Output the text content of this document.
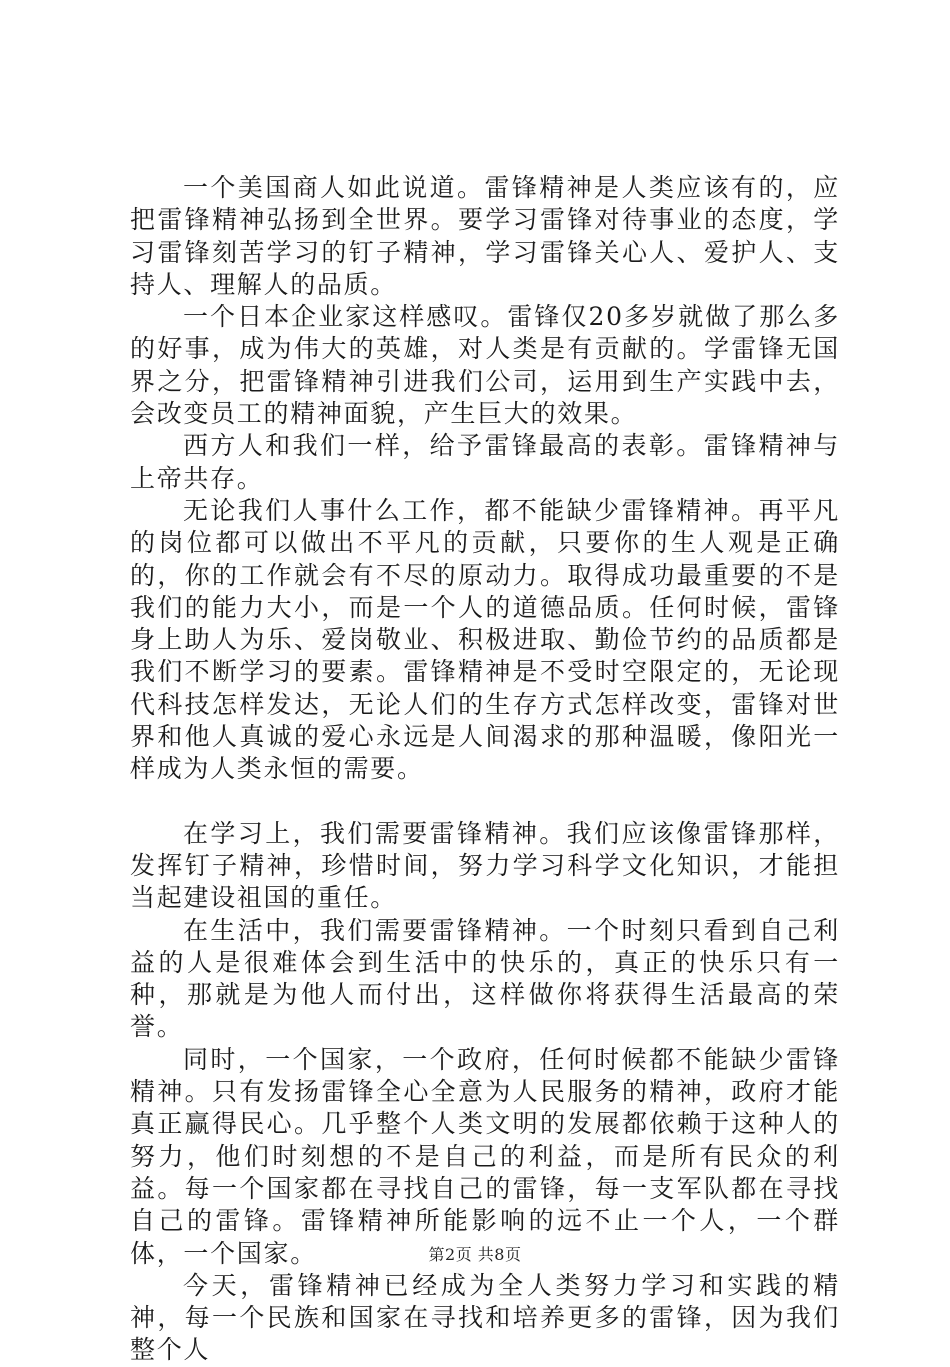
一个美国商人如此说道。雷锋精神是人类应该有的，应把雷锋精神弘扬到全世界。要学习雷锋对待事业的态度，学习雷锋刻苦学习的钉子精神，学习雷锋关心人、爱护人、支持人、理解人的品质。

一个日本企业家这样感叹。雷锋仅20多岁就做了那么多的好事，成为伟大的英雄，对人类是有贡献的。学雷锋无国界之分，把雷锋精神引进我们公司，运用到生产实践中去，会改变员工的精神面貌，产生巨大的效果。

西方人和我们一样，给予雷锋最高的表彰。雷锋精神与上帝共存。

无论我们人事什么工作，都不能缺少雷锋精神。再平凡的岗位都可以做出不平凡的贡献，只要你的生人观是正确的，你的工作就会有不尽的原动力。取得成功最重要的不是我们的能力大小，而是一个人的道德品质。任何时候，雷锋身上助人为乐、爱岗敬业、积极进取、勤俭节约的品质都是我们不断学习的要素。雷锋精神是不受时空限定的，无论现代科技怎样发达，无论人们的生存方式怎样改变，雷锋对世界和他人真诚的爱心永远是人间渴求的那种温暖，像阳光一样成为人类永恒的需要。

在学习上，我们需要雷锋精神。我们应该像雷锋那样，发挥钉子精神，珍惜时间，努力学习科学文化知识，才能担当起建设祖国的重任。

在生活中，我们需要雷锋精神。一个时刻只看到自己利益的人是很难体会到生活中的快乐的，真正的快乐只有一种，那就是为他人而付出，这样做你将获得生活最高的荣誉。

同时，一个国家，一个政府，任何时候都不能缺少雷锋精神。只有发扬雷锋全心全意为人民服务的精神，政府才能真正赢得民心。几乎整个人类文明的发展都依赖于这种人的努力，他们时刻想的不是自己的利益，而是所有民众的利益。每一个国家都在寻找自己的雷锋，每一支军队都在寻找自己的雷锋。雷锋精神所能影响的远不止一个人，一个群体，一个国家。

今天，雷锋精神已经成为全人类努力学习和实践的精神，每一个民族和国家在寻找和培养更多的雷锋，因为我们整个人

第2页 共8页
